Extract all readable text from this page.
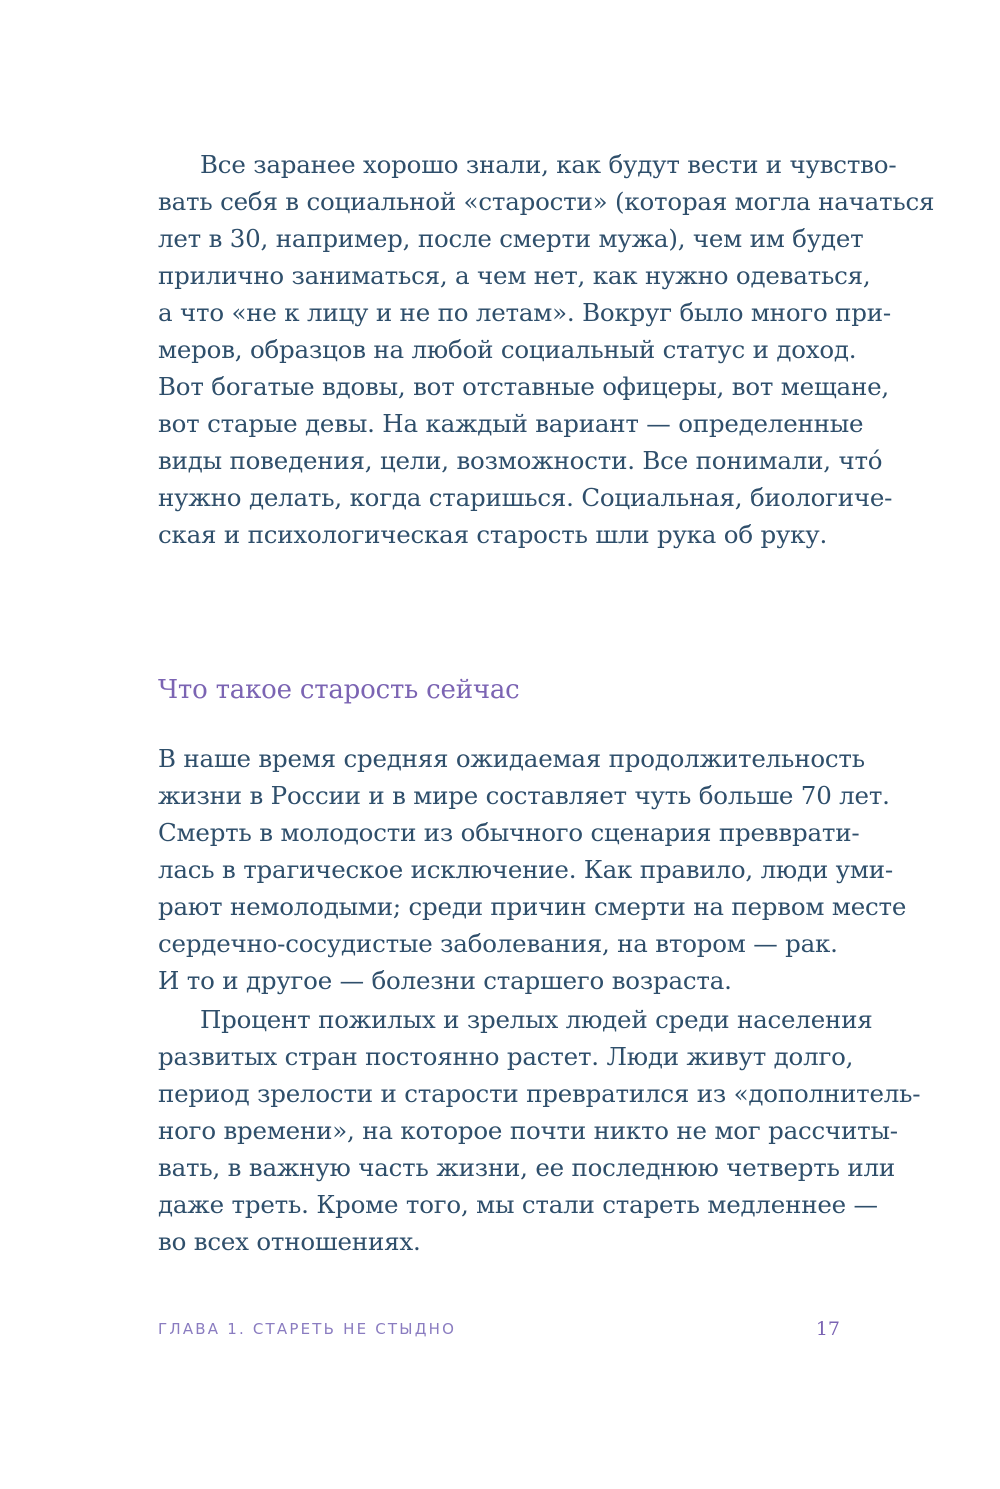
Все заранее хорошо знали, как будут вести и чувство-
вать себя в социальной «старости» (которая могла начаться
лет в 30, например, после смерти мужа), чем им будет
прилично заниматься, а чем нет, как нужно одеваться,
а что «не к лицу и не по летам». Вокруг было много при-
меров, образцов на любой социальный статус и доход.
Вот богатые вдовы, вот отставные офицеры, вот мещане,
вот старые девы. На каждый вариант — определенные
виды поведения, цели, возможности. Все понимали, что́
нужно делать, когда старишься. Социальная, биологиче-
ская и психологическая старость шли рука об руку.
Что такое старость сейчас
В наше время средняя ожидаемая продолжительность
жизни в России и в мире составляет чуть больше 70 лет.
Смерть в молодости из обычного сценария превврати-
лась в трагическое исключение. Как правило, люди уми-
рают немолодыми; среди причин смерти на первом месте
сердечно-сосудистые заболевания, на втором — рак.
И то и другое — болезни старшего возраста.
Процент пожилых и зрелых людей среди населения
развитых стран постоянно растет. Люди живут долго,
период зрелости и старости превратился из «дополнитель-
ного времени», на которое почти никто не мог рассчиты-
вать, в важную часть жизни, ее последнюю четверть или
даже треть. Кроме того, мы стали стареть медленнее —
во всех отношениях.
ГЛАВА 1. СТАРЕТЬ НЕ СТЫДНО	17
